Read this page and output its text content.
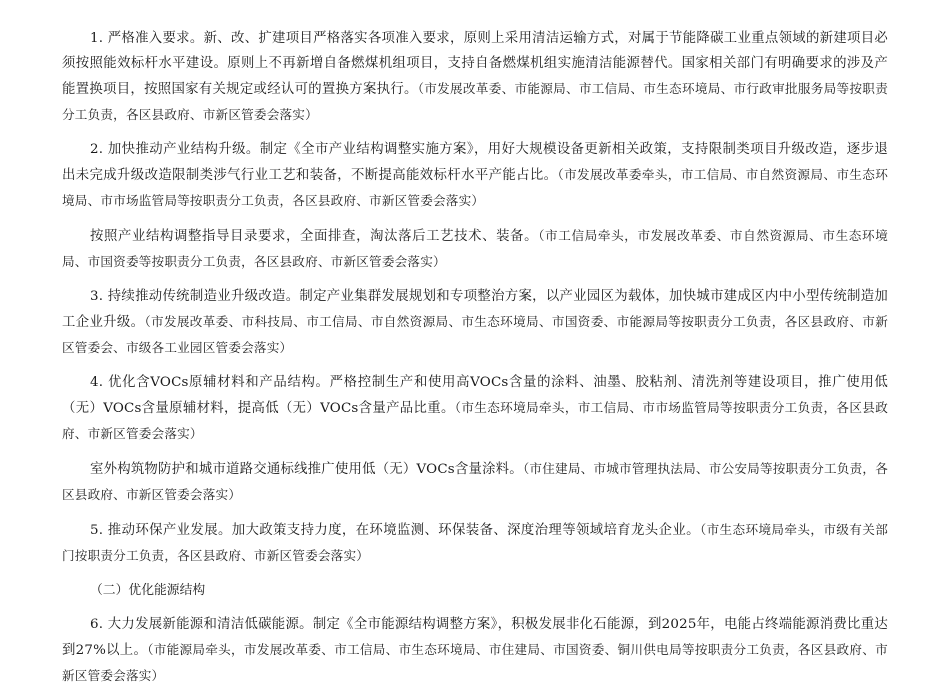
1. 严格准入要求。新、改、扩建项目严格落实各项准入要求，原则上采用清洁运输方式，对属于节能降碳工业重点领域的新建项目必须按照能效标杆水平建设。原则上不再新增自备燃煤机组项目，支持自备燃煤机组实施清洁能源替代。国家相关部门有明确要求的涉及产能置换项目，按照国家有关规定或经认可的置换方案执行。（市发展改革委、市能源局、市工信局、市生态环境局、市行政审批服务局等按职责分工负责，各区县政府、市新区管委会落实）

2. 加快推动产业结构升级。制定《全市产业结构调整实施方案》，用好大规模设备更新相关政策，支持限制类项目升级改造，逐步退出未完成升级改造限制类涉气行业工艺和装备，不断提高能效标杆水平产能占比。（市发展改革委牵头，市工信局、市自然资源局、市生态环境局、市市场监管局等按职责分工负责，各区县政府、市新区管委会落实）

按照产业结构调整指导目录要求，全面排查，淘汰落后工艺技术、装备。（市工信局牵头，市发展改革委、市自然资源局、市生态环境局、市国资委等按职责分工负责，各区县政府、市新区管委会落实）

3. 持续推动传统制造业升级改造。制定产业集群发展规划和专项整治方案，以产业园区为载体，加快城市建成区内中小型传统制造加工企业升级。（市发展改革委、市科技局、市工信局、市自然资源局、市生态环境局、市国资委、市能源局等按职责分工负责，各区县政府、市新区管委会、市级各工业园区管委会落实）

4. 优化含VOCs原辅材料和产品结构。严格控制生产和使用高VOCs含量的涂料、油墨、胶粘剂、清洗剂等建设项目，推广使用低（无）VOCs含量原辅材料，提高低（无）VOCs含量产品比重。（市生态环境局牵头，市工信局、市市场监管局等按职责分工负责，各区县政府、市新区管委会落实）

室外构筑物防护和城市道路交通标线推广使用低（无）VOCs含量涂料。（市住建局、市城市管理执法局、市公安局等按职责分工负责，各区县政府、市新区管委会落实）

5. 推动环保产业发展。加大政策支持力度，在环境监测、环保装备、深度治理等领域培育龙头企业。（市生态环境局牵头，市级有关部门按职责分工负责，各区县政府、市新区管委会落实）

（二）优化能源结构

6. 大力发展新能源和清洁低碳能源。制定《全市能源结构调整方案》，积极发展非化石能源，到2025年，电能占终端能源消费比重达到27%以上。（市能源局牵头，市发展改革委、市工信局、市生态环境局、市住建局、市国资委、铜川供电局等按职责分工负责，各区县政府、市新区管委会落实）
